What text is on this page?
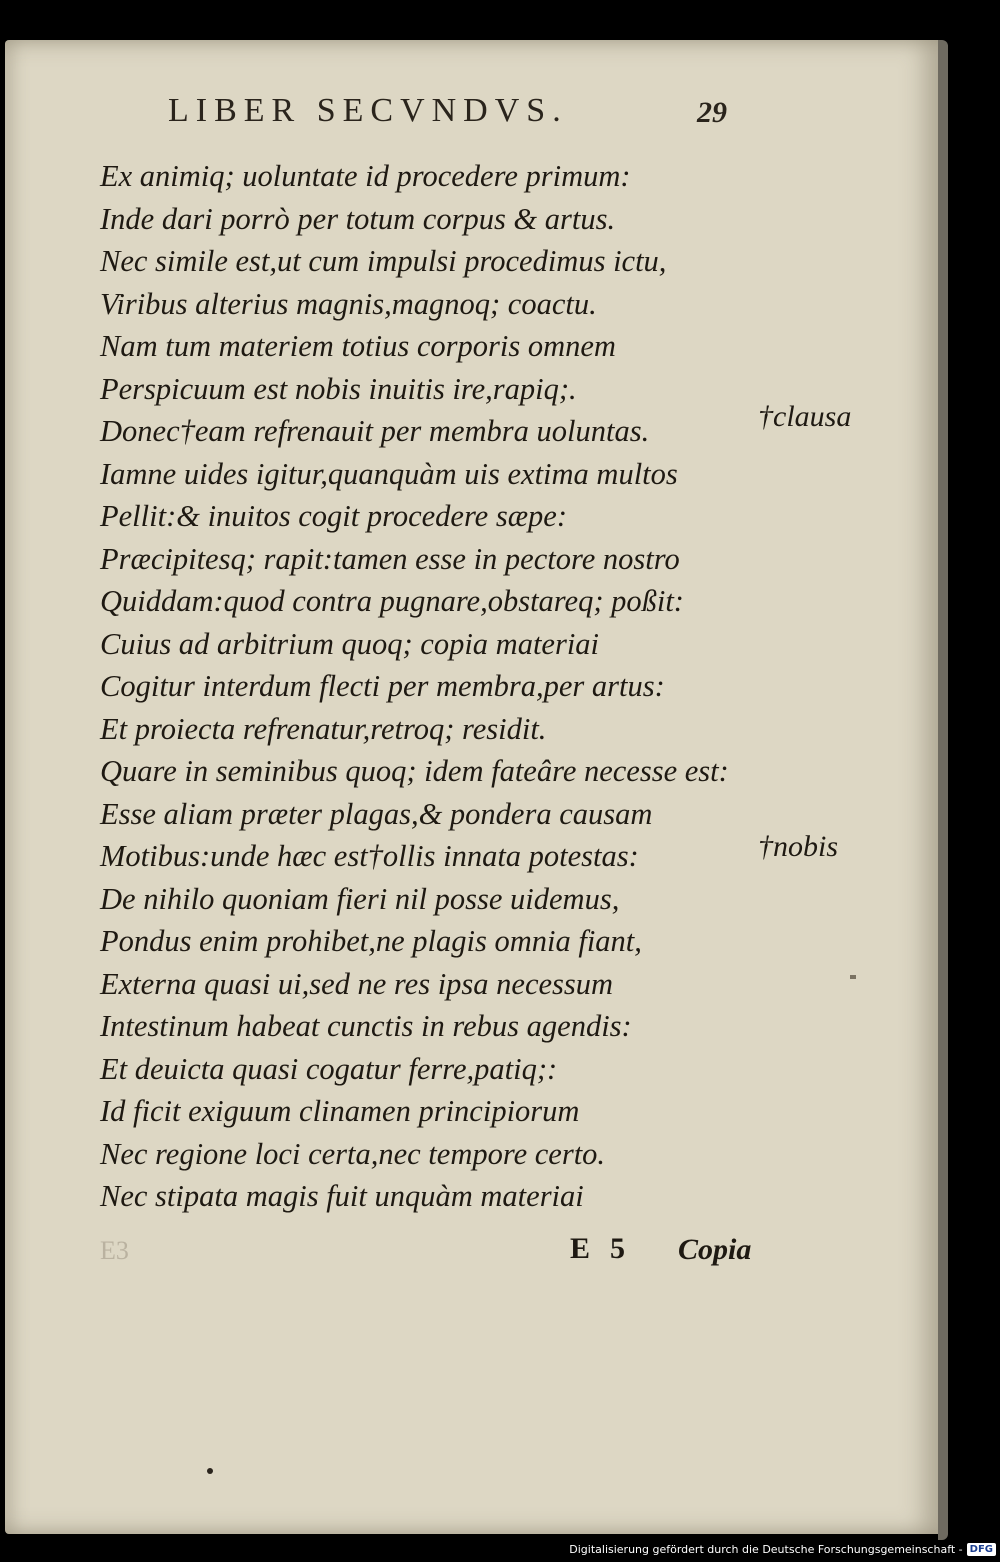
LIBER SECVNDVS.	29
Ex animiq; uoluntate id procedere primum:
Inde dari porrò per totum corpus & artus.
Nec simile est,ut cum impulsi procedimus ictu,
Viribus alterius magnis,magnoq; coactu.
Nam tum materiem totius corporis omnem
Perspicuum est nobis inuitis ire,rapiq;.
Donec†eam refrenauit per membra uoluntas.
Iamne uides igitur,quanquàm uis extima multos
Pellit:& inuitos cogit procedere sæpe:
Præcipitesq; rapit:tamen esse in pectore nostro
Quiddam:quod contra pugnare,obstareq; poßit:
Cuius ad arbitrium quoq; copia materiai
Cogitur interdum flecti per membra,per artus:
Et proiecta refrenatur,retroq; residit.
Quare in seminibus quoq; idem fateâre necesse est:
Esse aliam præter plagas,& pondera causam
Motibus:unde hæc est†ollis innata potestas:
De nihilo quoniam fieri nil posse uidemus,
Pondus enim prohibet,ne plagis omnia fiant,
Externa quasi ui,sed ne res ipsa necessum
Intestinum habeat cunctis in rebus agendis:
Et deuicta quasi cogatur ferre,patiq;:
Id ficit exiguum clinamen principiorum
Nec regione loci certa,nec tempore certo.
Nec stipata magis fuit unquàm materiai
†clausa
†nobis
E 5 Copia
E3
Digitalisierung gefördert durch die Deutsche Forschungsgemeinschaft - DFG
